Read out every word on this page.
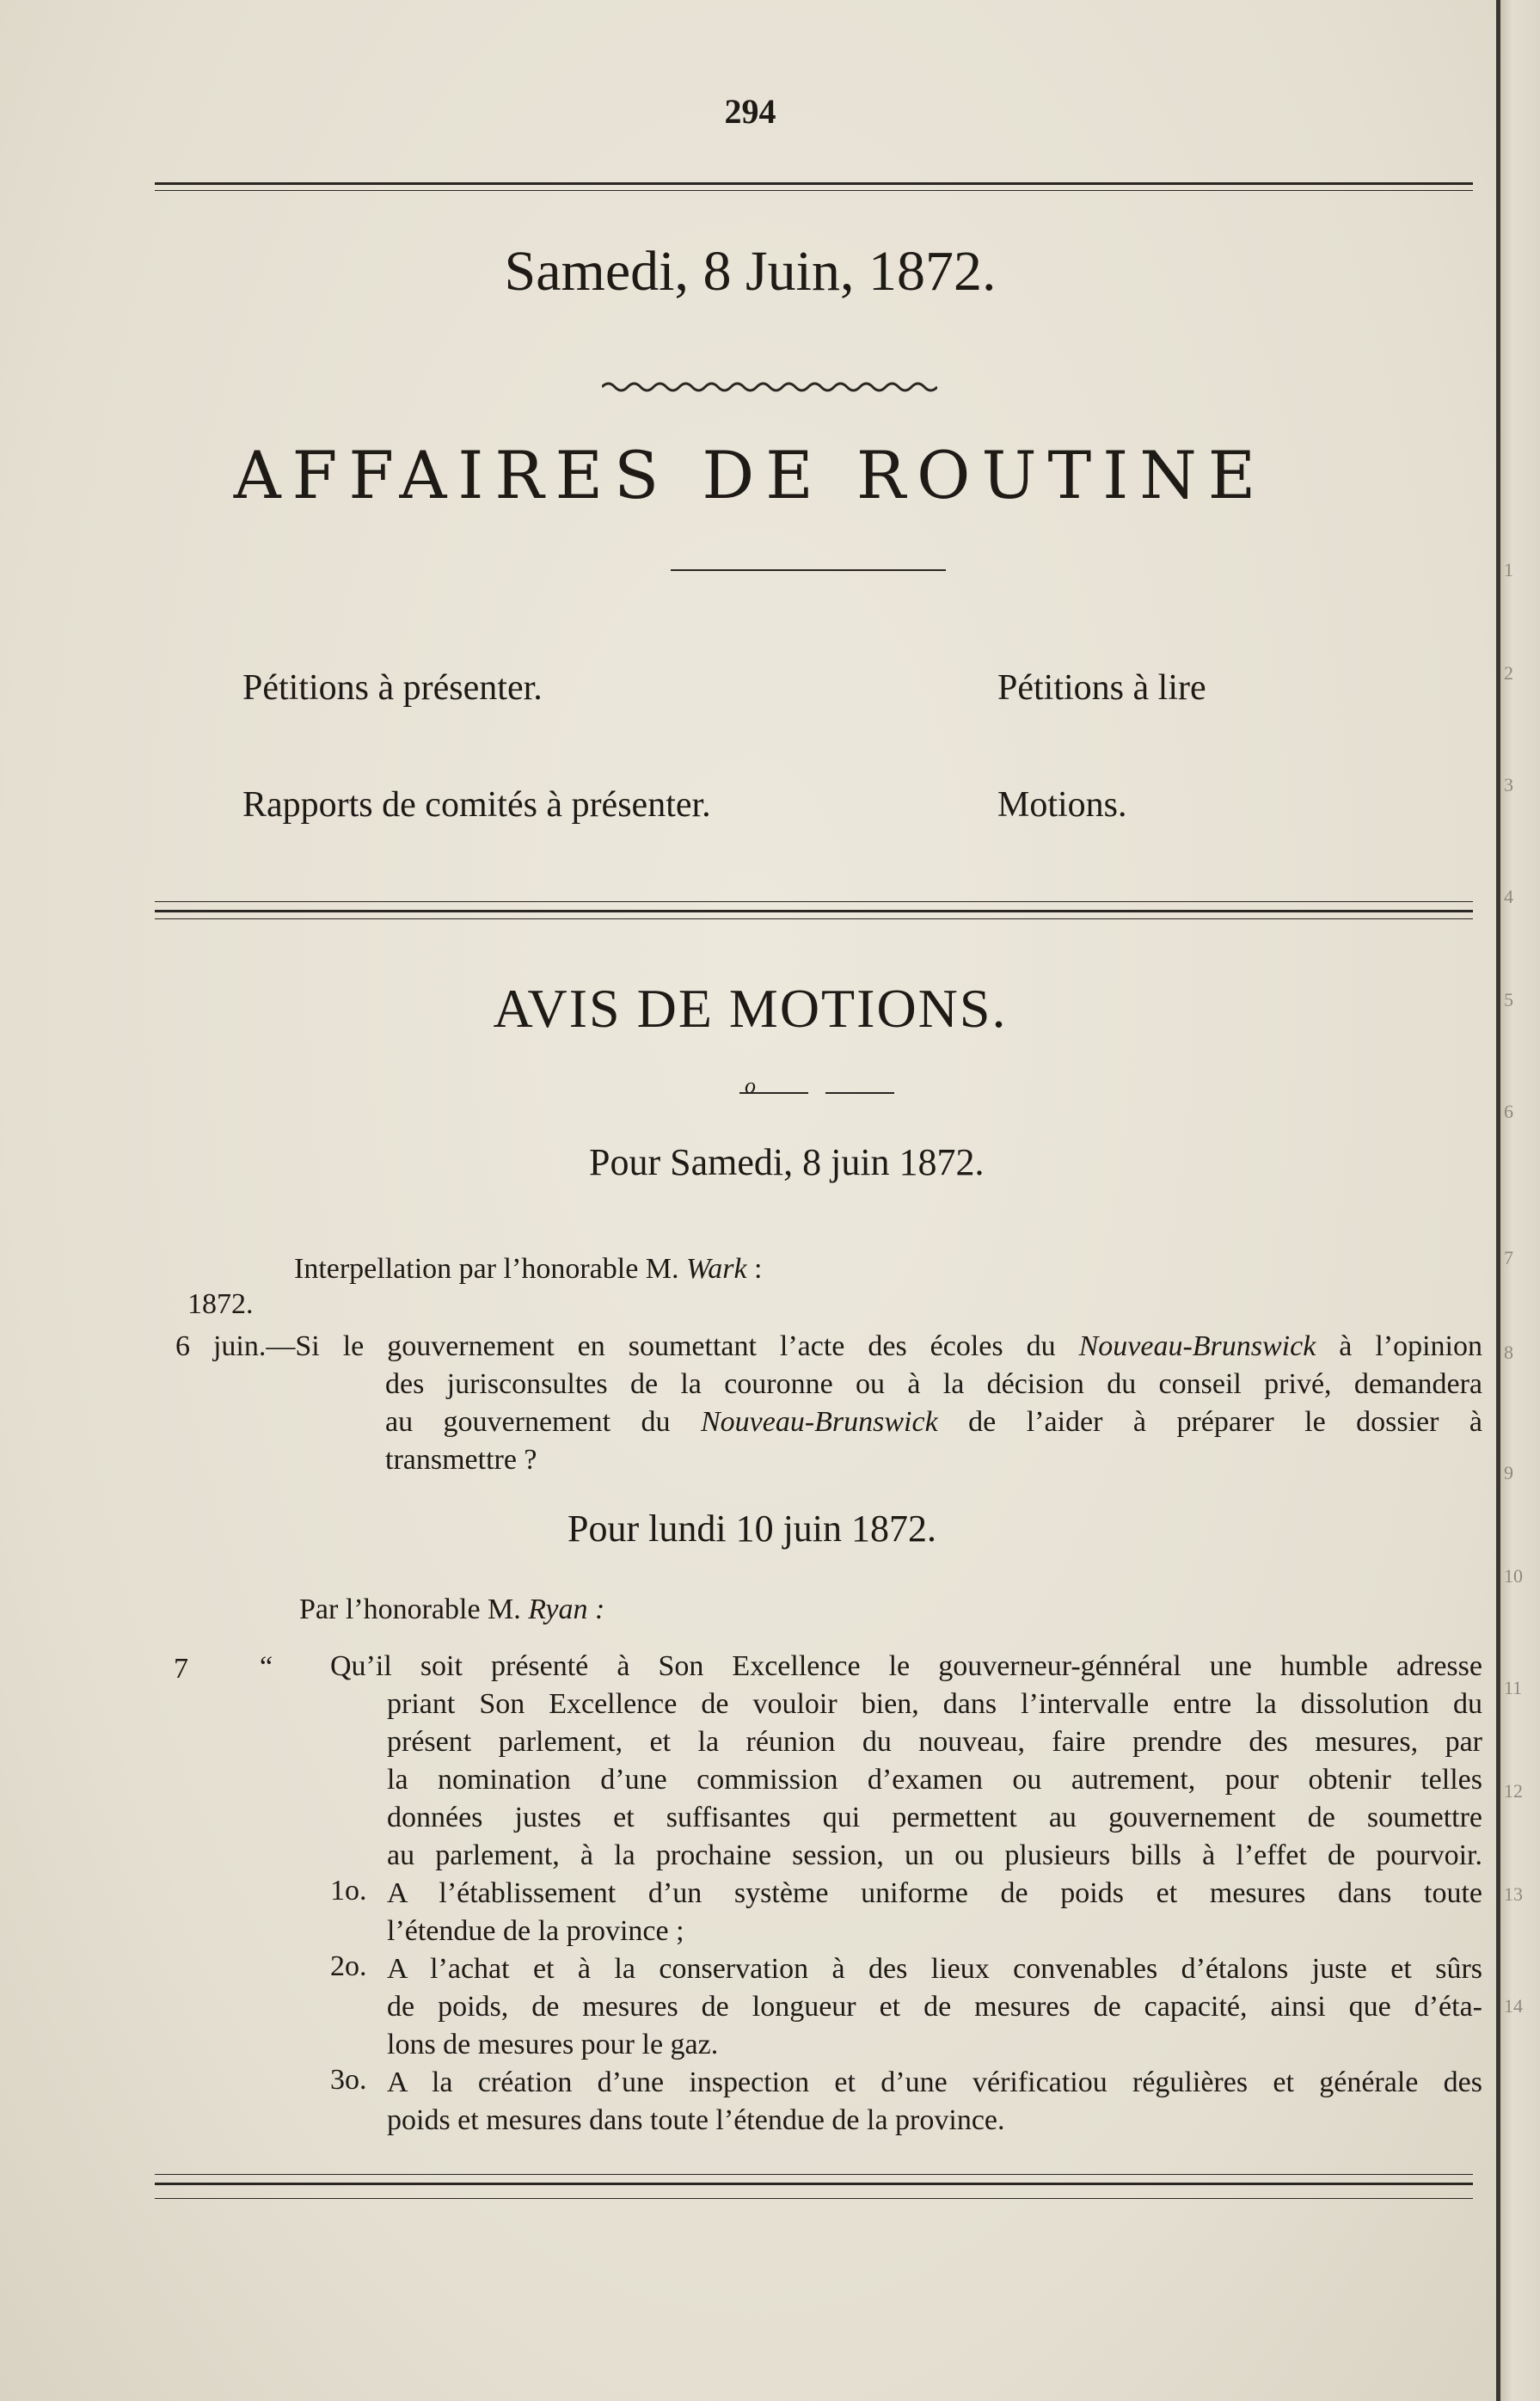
294
Samedi, 8 Juin, 1872.
AFFAIRES DE ROUTINE
Pétitions à présenter.	Pétitions à lire
Rapports de comités à présenter.	Motions.
AVIS DE MOTIONS.
o
Pour Samedi, 8 juin 1872.
Interpellation par l’honorable M. Wark :
1872.
6 juin.—Si le gouvernement en soumettant l’acte des écoles du Nouveau-Brunswick à l’opinion
des jurisconsultes de la couronne ou à la décision du conseil privé, demandera
au gouvernement du Nouveau-Brunswick de l’aider à préparer le dossier à
transmettre ?
Pour lundi 10 juin 1872.
Par l’honorable M. Ryan :
7 “ Qu’il soit présenté à Son Excellence le gouverneur-génnéral une humble adresse
priant Son Excellence de vouloir bien, dans l’intervalle entre la dissolution du
présent parlement, et la réunion du nouveau, faire prendre des mesures, par
la nomination d’une commission d’examen ou autrement, pour obtenir telles
données justes et suffisantes qui permettent au gouvernement de soumettre
au parlement, à la prochaine session, un ou plusieurs bills à l’effet de pourvoir.
1o. A l’établissement d’un système uniforme de poids et mesures dans toute
l’étendue de la province ;
2o. A l’achat et à la conservation à des lieux convenables d’étalons juste et sûrs
de poids, de mesures de longueur et de mesures de capacité, ainsi que d’éta-
lons de mesures pour le gaz.
3o. A la création d’une inspection et d’une vérificatiou régulières et générale des
poids et mesures dans toute l’étendue de la province.
1
2
3
4
5
6
7
8
9
10
11
12
13
14
